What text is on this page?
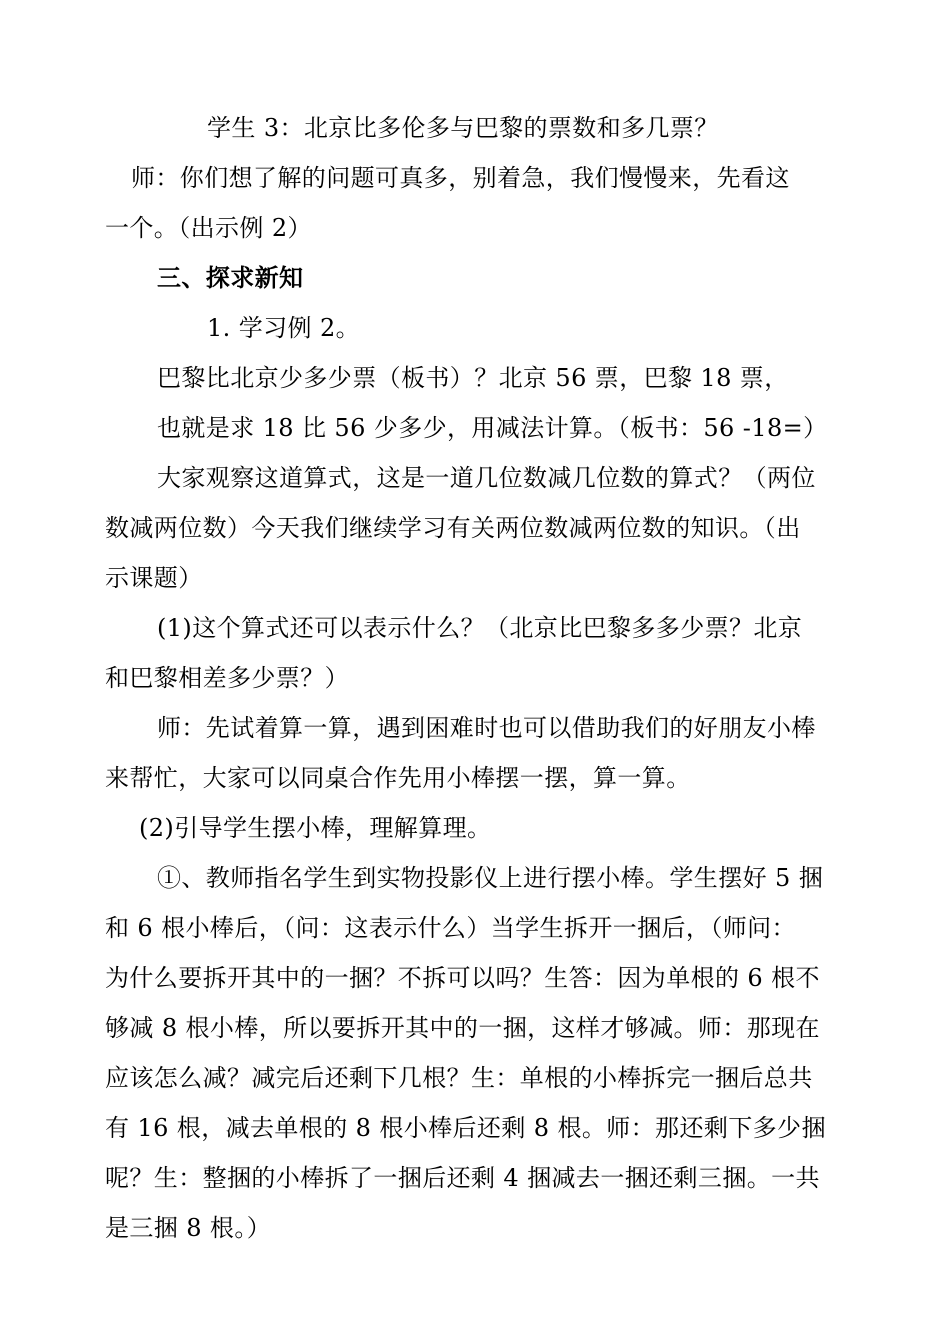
学生 3：北京比多伦多与巴黎的票数和多几票？
师：你们想了解的问题可真多，别着急，我们慢慢来，先看这
一个。（出示例 2）
三、探求新知
1. 学习例 2。
巴黎比北京少多少票（板书）？北京 56 票，巴黎 18 票，
也就是求 18 比 56 少多少，用减法计算。（板书：56 -18=）
大家观察这道算式，这是一道几位数减几位数的算式？（两位
数减两位数）今天我们继续学习有关两位数减两位数的知识。（出
示课题）
(1)这个算式还可以表示什么？（北京比巴黎多多少票？北京
和巴黎相差多少票？）
师：先试着算一算，遇到困难时也可以借助我们的好朋友小棒
来帮忙，大家可以同桌合作先用小棒摆一摆，算一算。
(2)引导学生摆小棒，理解算理。
①、教师指名学生到实物投影仪上进行摆小棒。学生摆好 5 捆
和 6 根小棒后，（问：这表示什么）当学生拆开一捆后，（师问：
为什么要拆开其中的一捆？不拆可以吗？生答：因为单根的 6 根不
够减 8 根小棒，所以要拆开其中的一捆，这样才够减。师：那现在
应该怎么减？减完后还剩下几根？生：单根的小棒拆完一捆后总共
有 16 根，减去单根的 8 根小棒后还剩 8 根。师：那还剩下多少捆
呢？生：整捆的小棒拆了一捆后还剩 4 捆减去一捆还剩三捆。一共
是三捆 8 根。）
